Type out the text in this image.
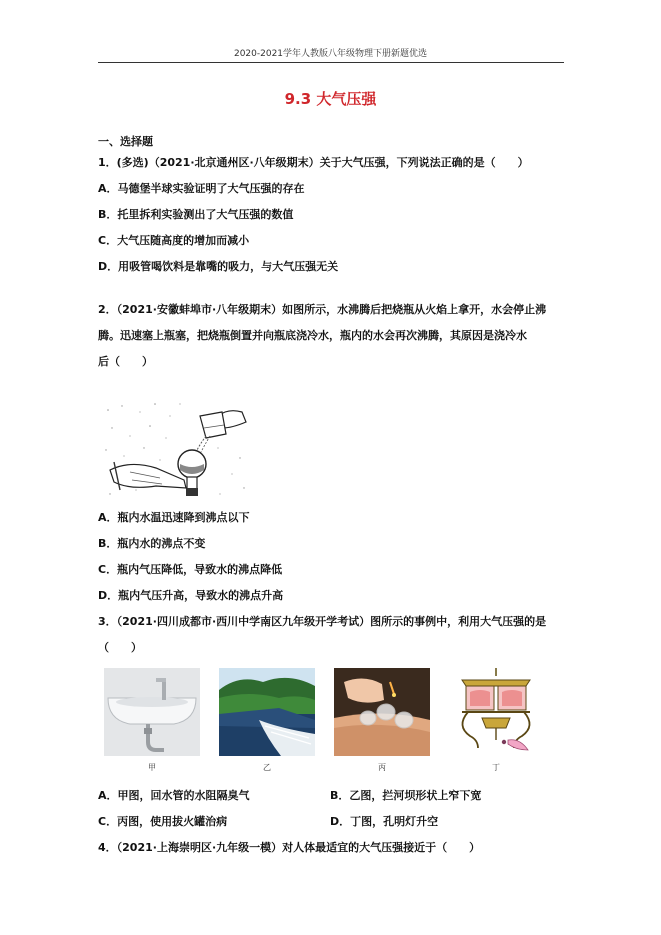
2020-2021学年人教版八年级物理下册新题优选
9.3 大气压强
一、选择题
1．(多选)（2021·北京通州区·八年级期末）关于大气压强，下列说法正确的是（　　）
A．马德堡半球实验证明了大气压强的存在
B．托里拆利实验测出了大气压强的数值
C．大气压随高度的增加而减小
D．用吸管喝饮料是靠嘴的吸力，与大气压强无关
2．（2021·安徽蚌埠市·八年级期末）如图所示，水沸腾后把烧瓶从火焰上拿开，水会停止沸
腾。迅速塞上瓶塞，把烧瓶倒置并向瓶底浇冷水，瓶内的水会再次沸腾，其原因是浇冷水
后（　　）
A．瓶内水温迅速降到沸点以下
B．瓶内水的沸点不变
C．瓶内气压降低，导致水的沸点降低
D．瓶内气压升高，导致水的沸点升高
3．（2021·四川成都市·西川中学南区九年级开学考试）图所示的事例中，利用大气压强的是
（　　）
甲	乙	丙	丁
A．甲图，回水管的水阻隔臭气	B．乙图，拦河坝形状上窄下宽
C．丙图，使用拔火罐治病	D．丁图，孔明灯升空
4．（2021·上海崇明区·九年级一模）对人体最适宜的大气压强接近于（　　）
